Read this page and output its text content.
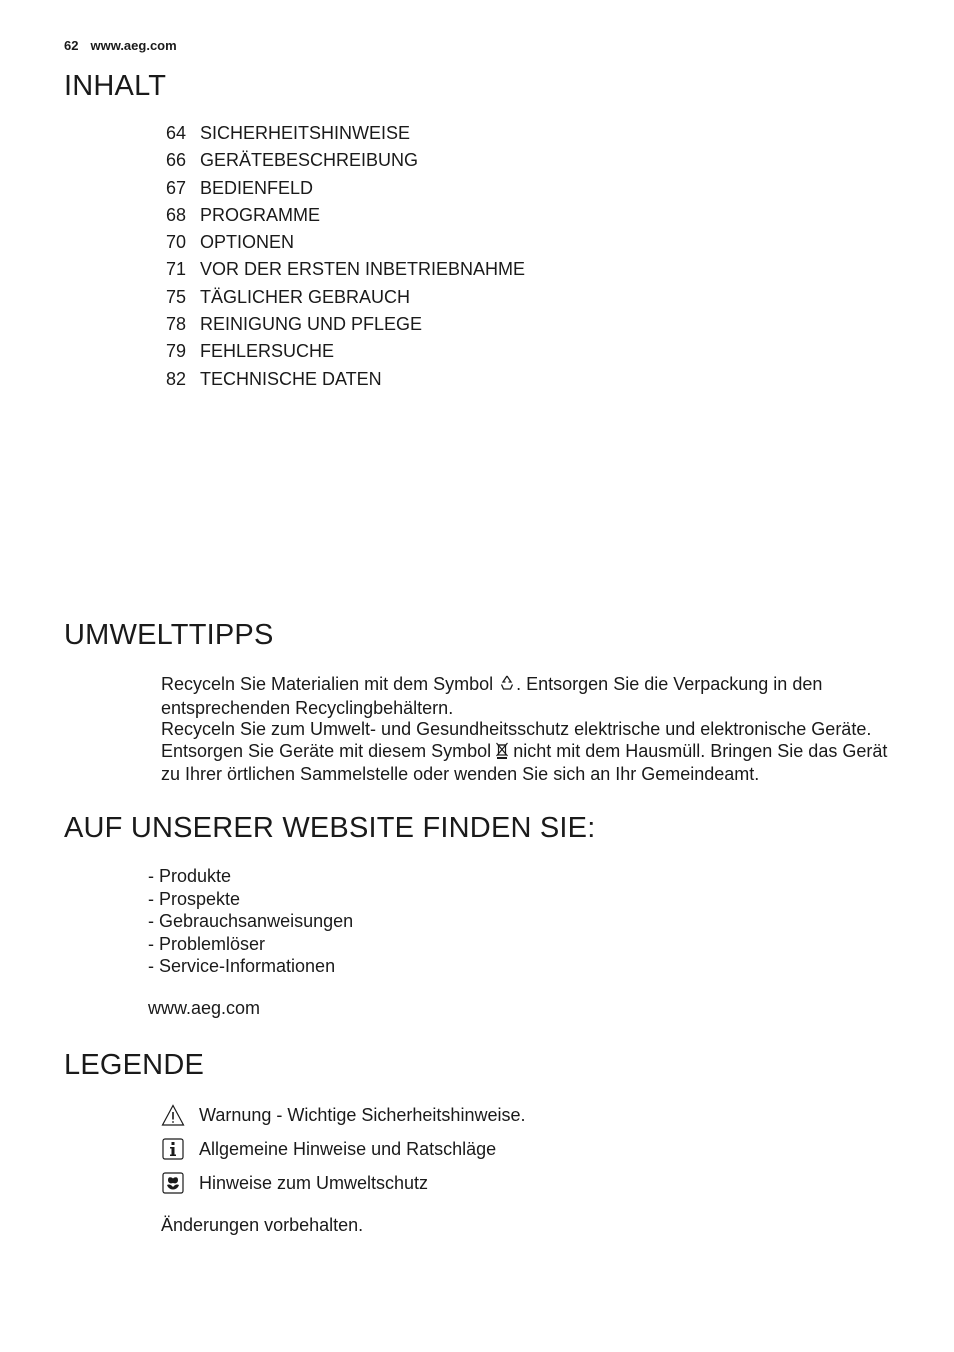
62 www.aeg.com
INHALT
64 SICHERHEITSHINWEISE
66 GERÄTEBESCHREIBUNG
67 BEDIENFELD
68 PROGRAMME
70 OPTIONEN
71 VOR DER ERSTEN INBETRIEBNAHME
75 TÄGLICHER GEBRAUCH
78 REINIGUNG UND PFLEGE
79 FEHLERSUCHE
82 TECHNISCHE DATEN
UMWELTTIPPS

Recyceln Sie Materialien mit dem Symbol . Entsorgen Sie die Verpackung in den entsprechenden Recyclingbehältern.

Recyceln Sie zum Umwelt- und Gesundheitsschutz elektrische und elektronische Geräte.

Entsorgen Sie Geräte mit diesem Symbol nicht mit dem Hausmüll. Bringen Sie das Gerät zu Ihrer örtlichen Sammelstelle oder wenden Sie sich an Ihr Gemeindeamt.

AUF UNSERER WEBSITE FINDEN SIE:
- Produkte
- Prospekte
- Gebrauchsanweisungen
- Problemlöser
- Service-Informationen
www.aeg.com
LEGENDE
Warnung - Wichtige Sicherheitshinweise.
Allgemeine Hinweise und Ratschläge
Hinweise zum Umweltschutz
Änderungen vorbehalten.
